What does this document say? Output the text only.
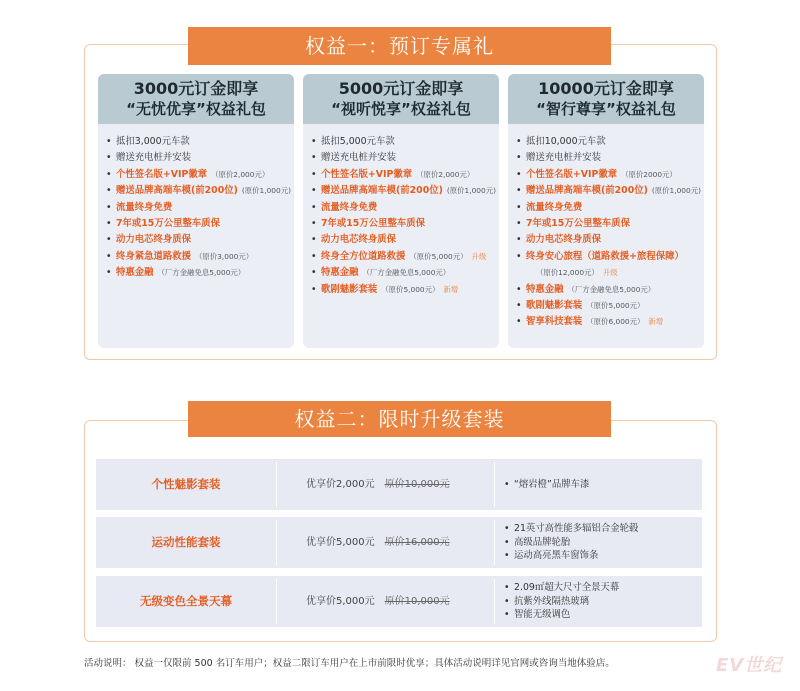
权益一：预订专属礼
3000元订金即享
“无忧优享”权益礼包
• 抵扣3,000元车款
• 赠送充电桩并安装
• 个性签名版+VIP徽章 （原价2,000元）
• 赠送品牌高端车模(前200位) (原价1,000元)
• 流量终身免费
• 7年或15万公里整车质保
• 动力电芯终身质保
• 终身紧急道路救援 （原价3,000元）
• 特惠金融 （厂方金融免息5,000元）
5000元订金即享
“视听悦享”权益礼包
• 抵扣5,000元车款
• 赠送充电桩并安装
• 个性签名版+VIP徽章 （原价2,000元）
• 赠送品牌高端车模(前200位) (原价1,000元)
• 流量终身免费
• 7年或15万公里整车质保
• 动力电芯终身质保
• 终身全方位道路救援 （原价5,000元） 升级
• 特惠金融 （厂方金融免息5,000元）
• 歌剧魅影套装 （原价5,000元） 新增
10000元订金即享
“智行尊享”权益礼包
• 抵扣10,000元车款
• 赠送充电桩并安装
• 个性签名版+VIP徽章 （原价2000元）
• 赠送品牌高端车模(前200位) (原价1,000元)
• 流量终身免费
• 7年或15万公里整车质保
• 动力电芯终身质保
• 终身安心旅程（道路救援+旅程保障）
（原价12,000元） 升级
• 特惠金融 （厂方金融免息5,000元）
• 歌剧魅影套装 （原价5,000元）
• 智享科技套装 （原价6,000元） 新增
权益二：限时升级套装
个性魅影套装	优享价2,000元 原价10,000元
•	“熔岩橙”品牌车漆
运动性能套装	优享价5,000元 原价16,000元
• 21英寸高性能多辐铝合金轮毂
• 高级品牌轮胎
• 运动高亮黑车窗饰条
无级变色全景天幕	优享价5,000元 原价10,000元
• 2.09㎡超大尺寸全景天幕
• 抗紫外线隔热玻璃
• 智能无级调色
活动说明： 权益一仅限前 500 名订车用户；权益二限订车用户在上市前限时优享；具体活动说明详见官网或咨询当地体验店。	EV世纪
